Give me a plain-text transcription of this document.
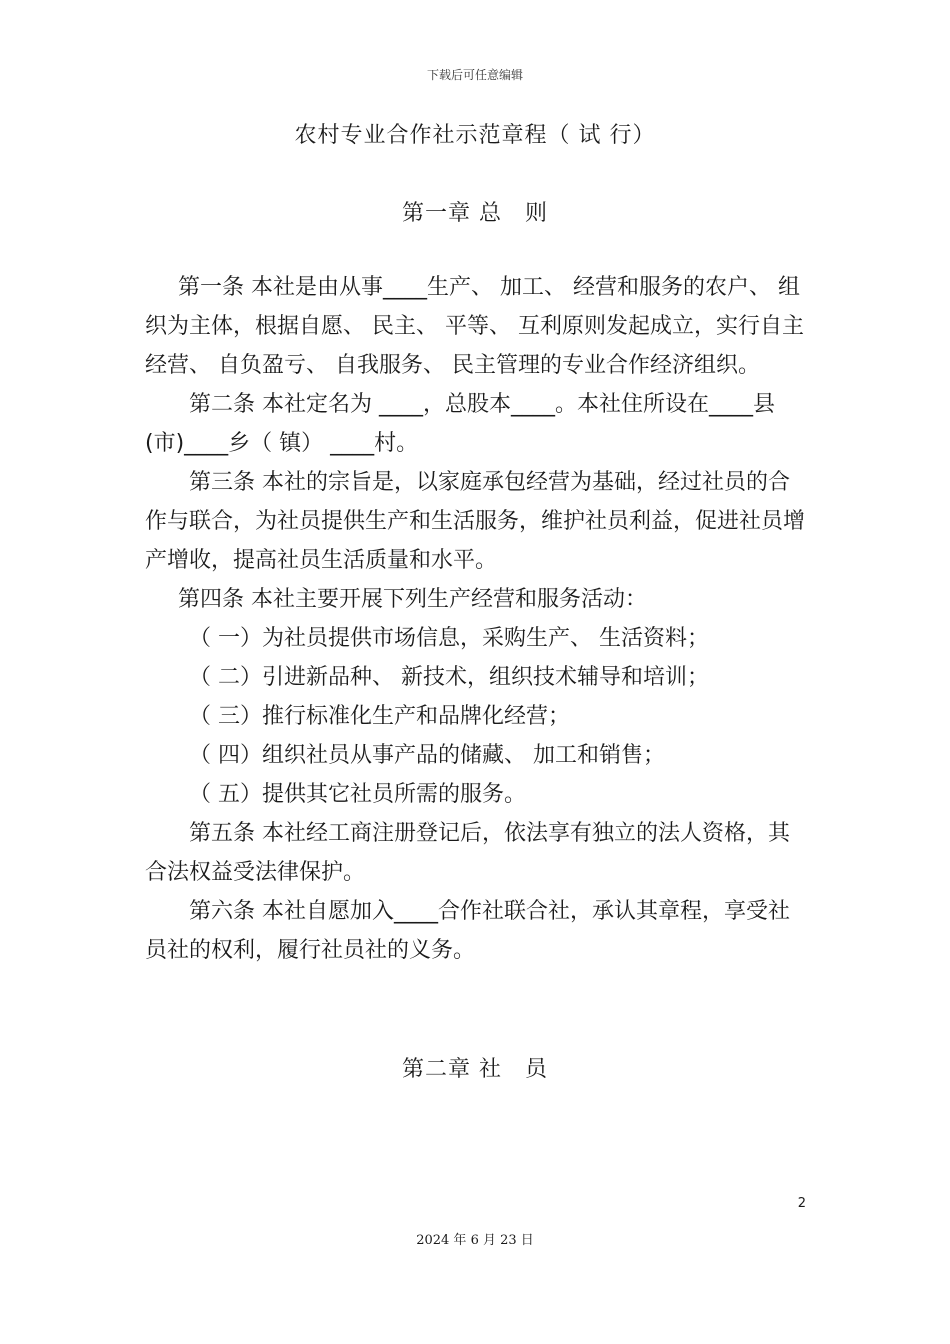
下载后可任意编辑
农村专业合作社示范章程（ 试 行）
第一章 总　则

第一条 本社是由从事____生产、 加工、 经营和服务的农户、 组织为主体，根据自愿、 民主、 平等、 互利原则发起成立，实行自主经营、 自负盈亏、 自我服务、 民主管理的专业合作经济组织。

第二条 本社定名为 ____，总股本____。本社住所设在____县(市)____乡（ 镇） ____村。

第三条 本社的宗旨是，以家庭承包经营为基础，经过社员的合作与联合，为社员提供生产和生活服务，维护社员利益，促进社员增产增收，提高社员生活质量和水平。

第四条 本社主要开展下列生产经营和服务活动：

（ 一）为社员提供市场信息，采购生产、 生活资料；

（ 二）引进新品种、 新技术，组织技术辅导和培训；

（ 三）推行标准化生产和品牌化经营；

（ 四）组织社员从事产品的储藏、 加工和销售；

（ 五）提供其它社员所需的服务。

第五条 本社经工商注册登记后，依法享有独立的法人资格，其合法权益受法律保护。

第六条 本社自愿加入____合作社联合社，承认其章程，享受社员社的权利，履行社员社的义务。

第二章 社　员
2
2024 年 6 月 23 日
